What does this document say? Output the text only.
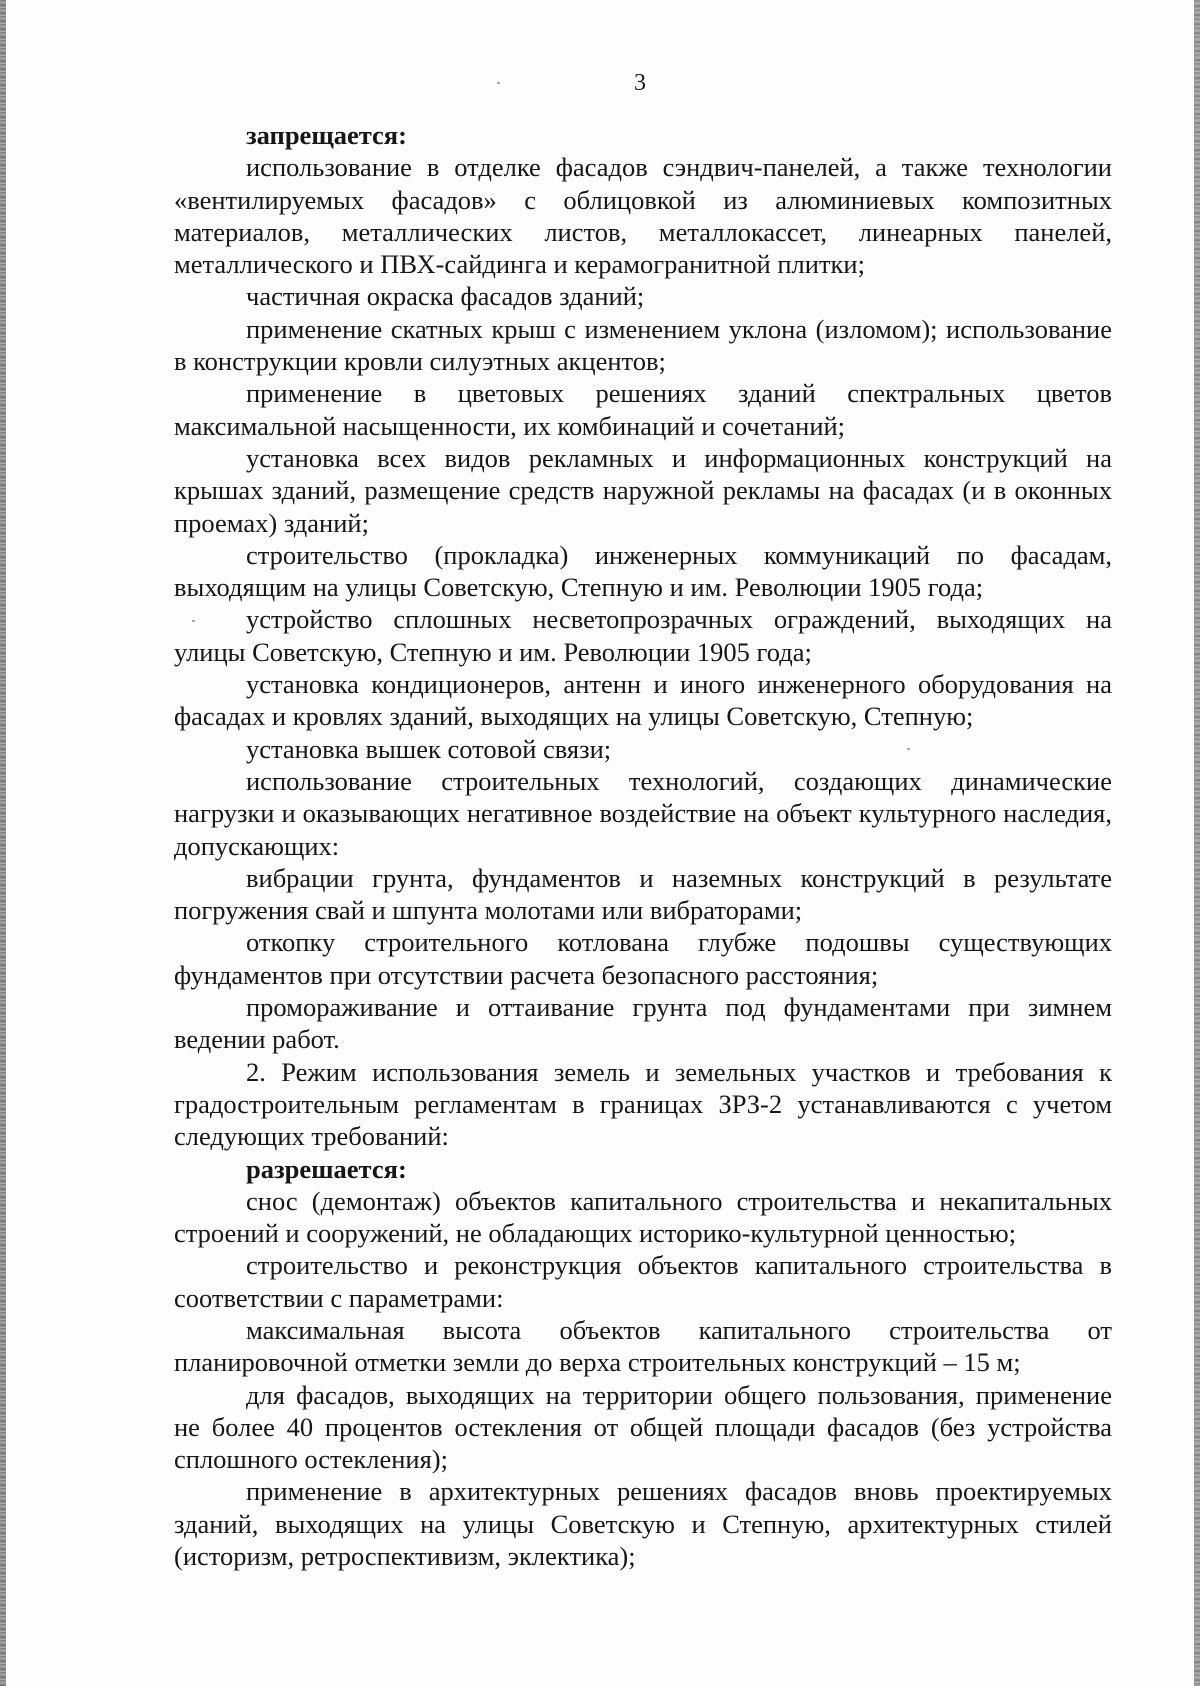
3

запрещается:

использование в отделке фасадов сэндвич-панелей, а также технологии «вентилируемых фасадов» с облицовкой из алюминиевых композитных материалов, металлических листов, металлокассет, линеарных панелей, металлического и ПВХ-сайдинга и керамогранитной плитки;

частичная окраска фасадов зданий;

применение скатных крыш с изменением уклона (изломом); использование в конструкции кровли силуэтных акцентов;

применение в цветовых решениях зданий спектральных цветов максимальной насыщенности, их комбинаций и сочетаний;

установка всех видов рекламных и информационных конструкций на крышах зданий, размещение средств наружной рекламы на фасадах (и в оконных проемах) зданий;

строительство (прокладка) инженерных коммуникаций по фасадам, выходящим на улицы Советскую, Степную и им. Революции 1905 года;

устройство сплошных несветопрозрачных ограждений, выходящих на улицы Советскую, Степную и им. Революции 1905 года;

установка кондиционеров, антенн и иного инженерного оборудования на фасадах и кровлях зданий, выходящих на улицы Советскую, Степную;

установка вышек сотовой связи;

использование строительных технологий, создающих динамические нагрузки и оказывающих негативное воздействие на объект культурного наследия, допускающих:

вибрации грунта, фундаментов и наземных конструкций в результате погружения свай и шпунта молотами или вибраторами;

откопку строительного котлована глубже подошвы существующих фундаментов при отсутствии расчета безопасного расстояния;

промораживание и оттаивание грунта под фундаментами при зимнем ведении работ.

2. Режим использования земель и земельных участков и требования к градостроительным регламентам в границах ЗРЗ-2 устанавливаются с учетом следующих требований:

разрешается:

снос (демонтаж) объектов капитального строительства и некапитальных строений и сооружений, не обладающих историко-культурной ценностью;

строительство и реконструкция объектов капитального строительства в соответствии с параметрами:

максимальная высота объектов капитального строительства от планировочной отметки земли до верха строительных конструкций – 15 м;

для фасадов, выходящих на территории общего пользования, применение не более 40 процентов остекления от общей площади фасадов (без устройства сплошного остекления);

применение в архитектурных решениях фасадов вновь проектируемых зданий, выходящих на улицы Советскую и Степную, архитектурных стилей (историзм, ретроспективизм, эклектика);
